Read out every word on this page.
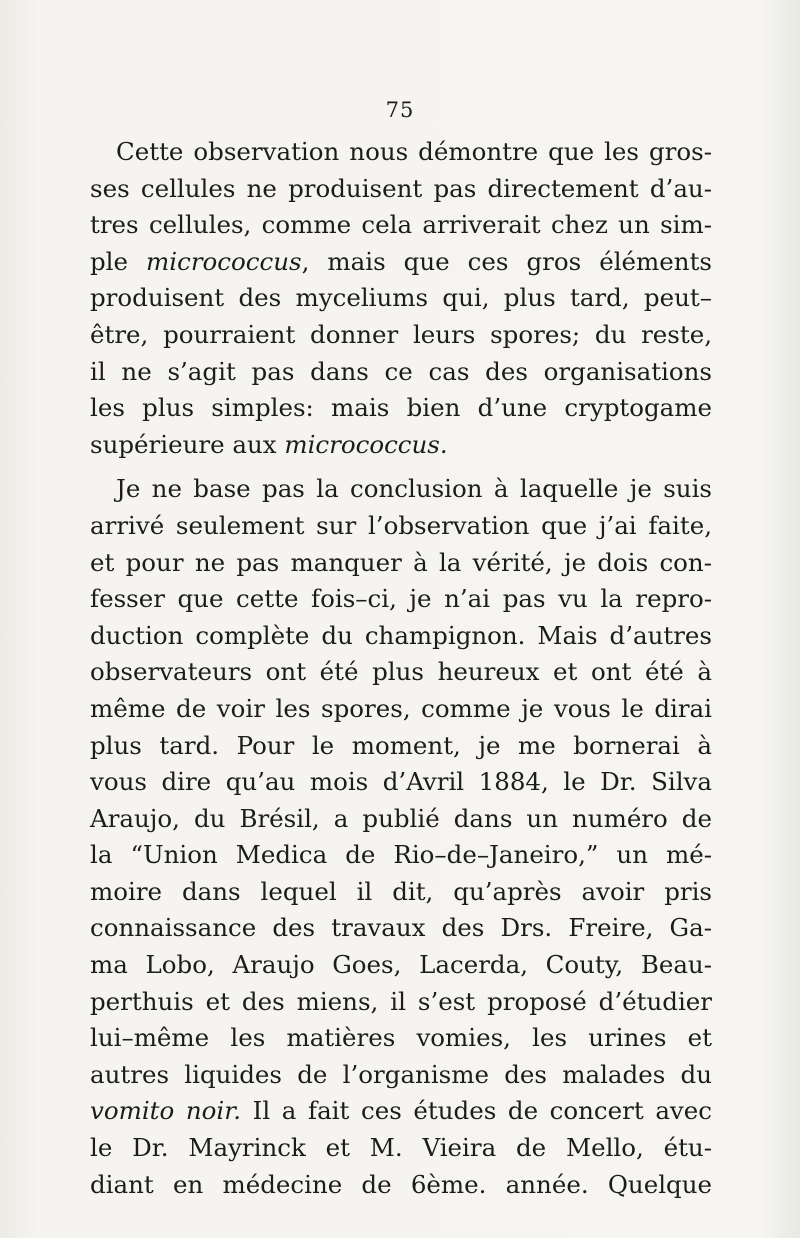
75
Cette observation nous démontre que les gros-
ses cellules ne produisent pas directement d’au-
tres cellules, comme cela arriverait chez un sim-
ple micrococcus, mais que ces gros éléments
produisent des myceliums qui, plus tard, peut–
être, pourraient donner leurs spores; du reste,
il ne s’agit pas dans ce cas des organisations
les plus simples: mais bien d’une cryptogame
supérieure aux micrococcus.
Je ne base pas la conclusion à laquelle je suis
arrivé seulement sur l’observation que j’ai faite,
et pour ne pas manquer à la vérité, je dois con-
fesser que cette fois–ci, je n’ai pas vu la repro-
duction complète du champignon. Mais d’autres
observateurs ont été plus heureux et ont été à
même de voir les spores, comme je vous le dirai
plus tard. Pour le moment, je me bornerai à
vous dire qu’au mois d’Avril 1884, le Dr. Silva
Araujo, du Brésil, a publié dans un numéro de
la “Union Medica de Rio–de–Janeiro,” un mé-
moire dans lequel il dit, qu’après avoir pris
connaissance des travaux des Drs. Freire, Ga-
ma Lobo, Araujo Goes, Lacerda, Couty, Beau-
perthuis et des miens, il s’est proposé d’étudier
lui–même les matières vomies, les urines et
autres liquides de l’organisme des malades du
vomito noir. Il a fait ces études de concert avec
le Dr. Mayrinck et M. Vieira de Mello, étu-
diant en médecine de 6ème. année. Quelque
